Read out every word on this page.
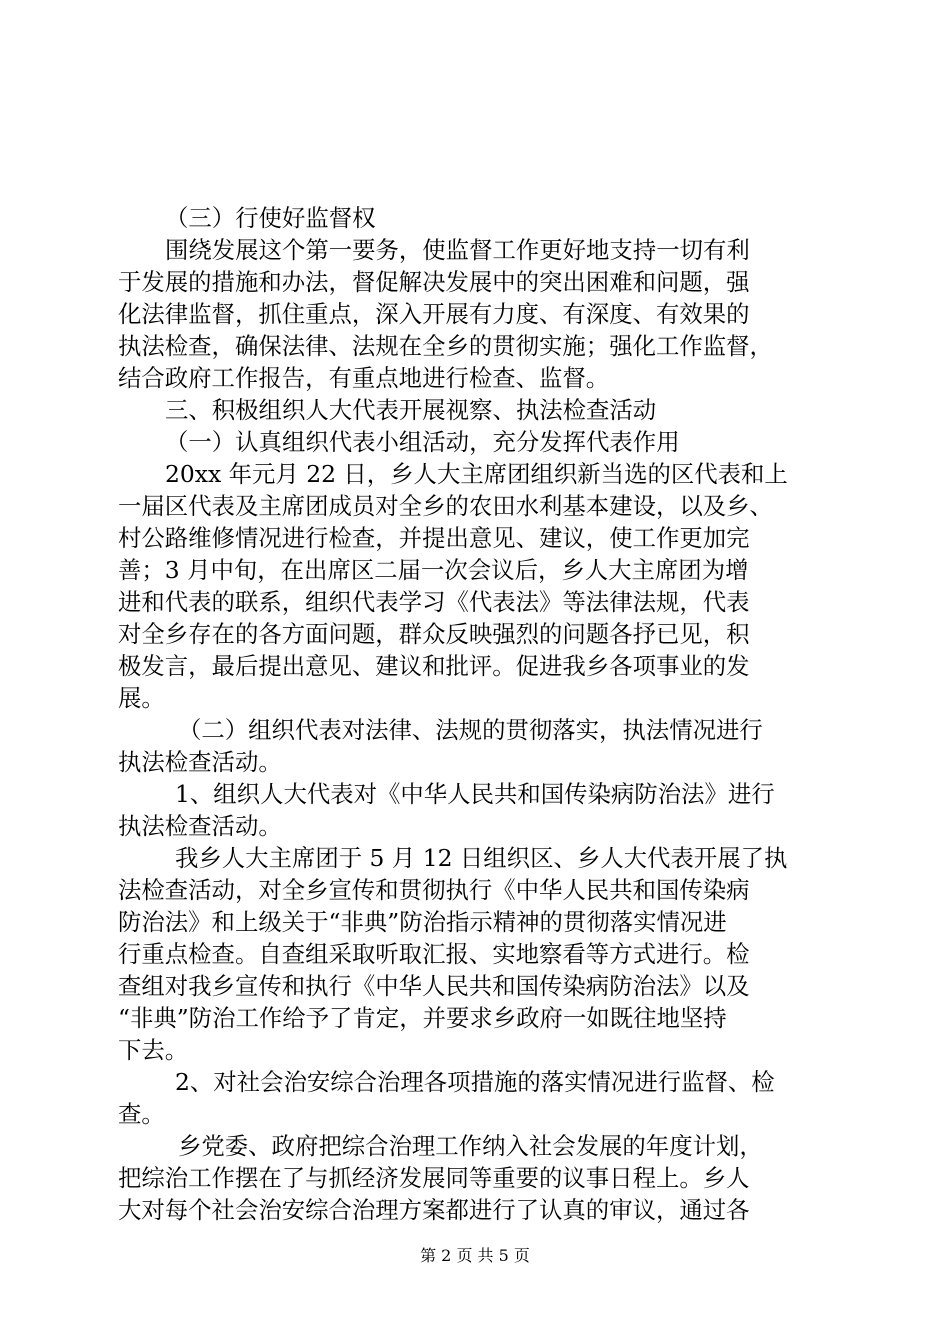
（三）行使好监督权
围绕发展这个第一要务，使监督工作更好地支持一切有利
于发展的措施和办法，督促解决发展中的突出困难和问题，强
化法律监督，抓住重点，深入开展有力度、有深度、有效果的
执法检查，确保法律、法规在全乡的贯彻实施；强化工作监督，
结合政府工作报告，有重点地进行检查、监督。
三、积极组织人大代表开展视察、执法检查活动
（一）认真组织代表小组活动，充分发挥代表作用
20xx 年元月 22 日，乡人大主席团组织新当选的区代表和上
一届区代表及主席团成员对全乡的农田水利基本建设，以及乡、
村公路维修情况进行检查，并提出意见、建议，使工作更加完
善；3 月中旬，在出席区二届一次会议后，乡人大主席团为增
进和代表的联系，组织代表学习《代表法》等法律法规，代表
对全乡存在的各方面问题，群众反映强烈的问题各抒已见，积
极发言，最后提出意见、建议和批评。促进我乡各项事业的发
展。
（二）组织代表对法律、法规的贯彻落实，执法情况进行
执法检查活动。
1、组织人大代表对《中华人民共和国传染病防治法》进行
执法检查活动。
我乡人大主席团于 5 月 12 日组织区、乡人大代表开展了执
法检查活动，对全乡宣传和贯彻执行《中华人民共和国传染病
防治法》和上级关于“非典”防治指示精神的贯彻落实情况进
行重点检查。自查组采取听取汇报、实地察看等方式进行。检
查组对我乡宣传和执行《中华人民共和国传染病防治法》以及
“非典”防治工作给予了肯定，并要求乡政府一如既往地坚持
下去。
2、对社会治安综合治理各项措施的落实情况进行监督、检
查。
乡党委、政府把综合治理工作纳入社会发展的年度计划，
把综治工作摆在了与抓经济发展同等重要的议事日程上。乡人
大对每个社会治安综合治理方案都进行了认真的审议，通过各
第 2 页 共 5 页
